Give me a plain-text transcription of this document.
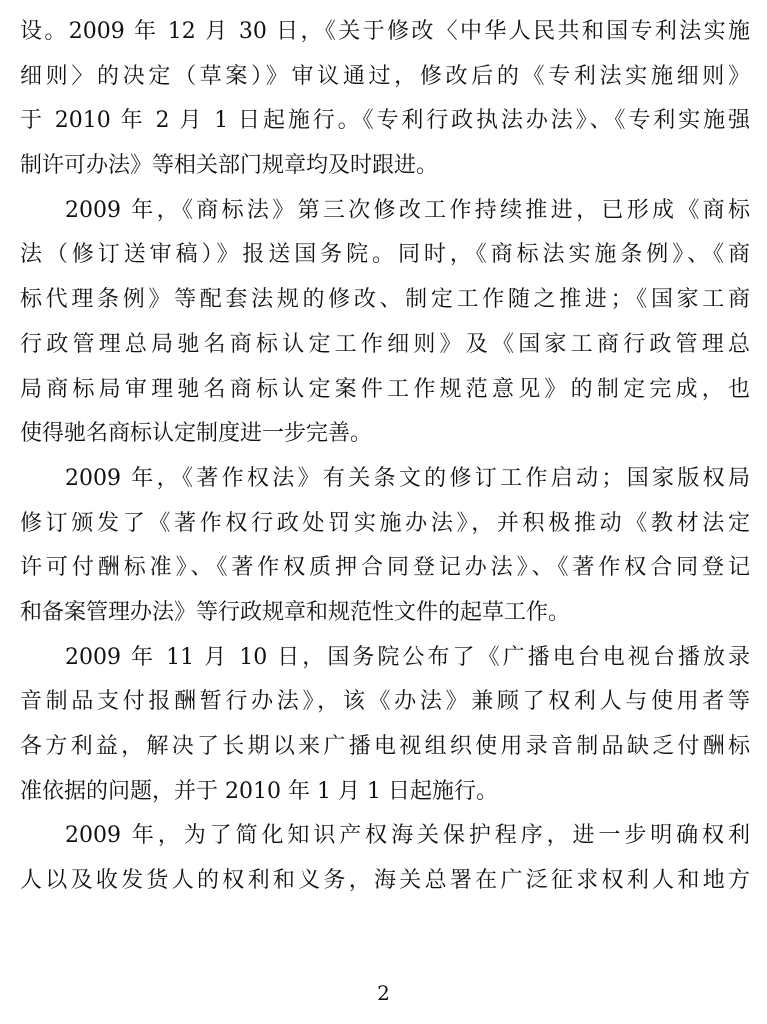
设。2009 年 12 月 30 日，《关于修改〈中华人民共和国专利法实施
细则〉的决定（草案）》审议通过，修改后的《专利法实施细则》
于 2010 年 2 月 1 日起施行。《专利行政执法办法》、《专利实施强
制许可办法》等相关部门规章均及时跟进。
2009 年，《商标法》第三次修改工作持续推进，已形成《商标
法（修订送审稿）》报送国务院。同时，《商标法实施条例》、《商
标代理条例》等配套法规的修改、制定工作随之推进；《国家工商
行政管理总局驰名商标认定工作细则》及《国家工商行政管理总
局商标局审理驰名商标认定案件工作规范意见》的制定完成，也
使得驰名商标认定制度进一步完善。
2009 年，《著作权法》有关条文的修订工作启动；国家版权局
修订颁发了《著作权行政处罚实施办法》，并积极推动《教材法定
许可付酬标准》、《著作权质押合同登记办法》、《著作权合同登记
和备案管理办法》等行政规章和规范性文件的起草工作。
2009 年 11 月 10 日，国务院公布了《广播电台电视台播放录
音制品支付报酬暂行办法》，该《办法》兼顾了权利人与使用者等
各方利益，解决了长期以来广播电视组织使用录音制品缺乏付酬标
准依据的问题，并于 2010 年 1 月 1 日起施行。
2009 年，为了简化知识产权海关保护程序，进一步明确权利
人以及收发货人的权利和义务，海关总署在广泛征求权利人和地方
2
